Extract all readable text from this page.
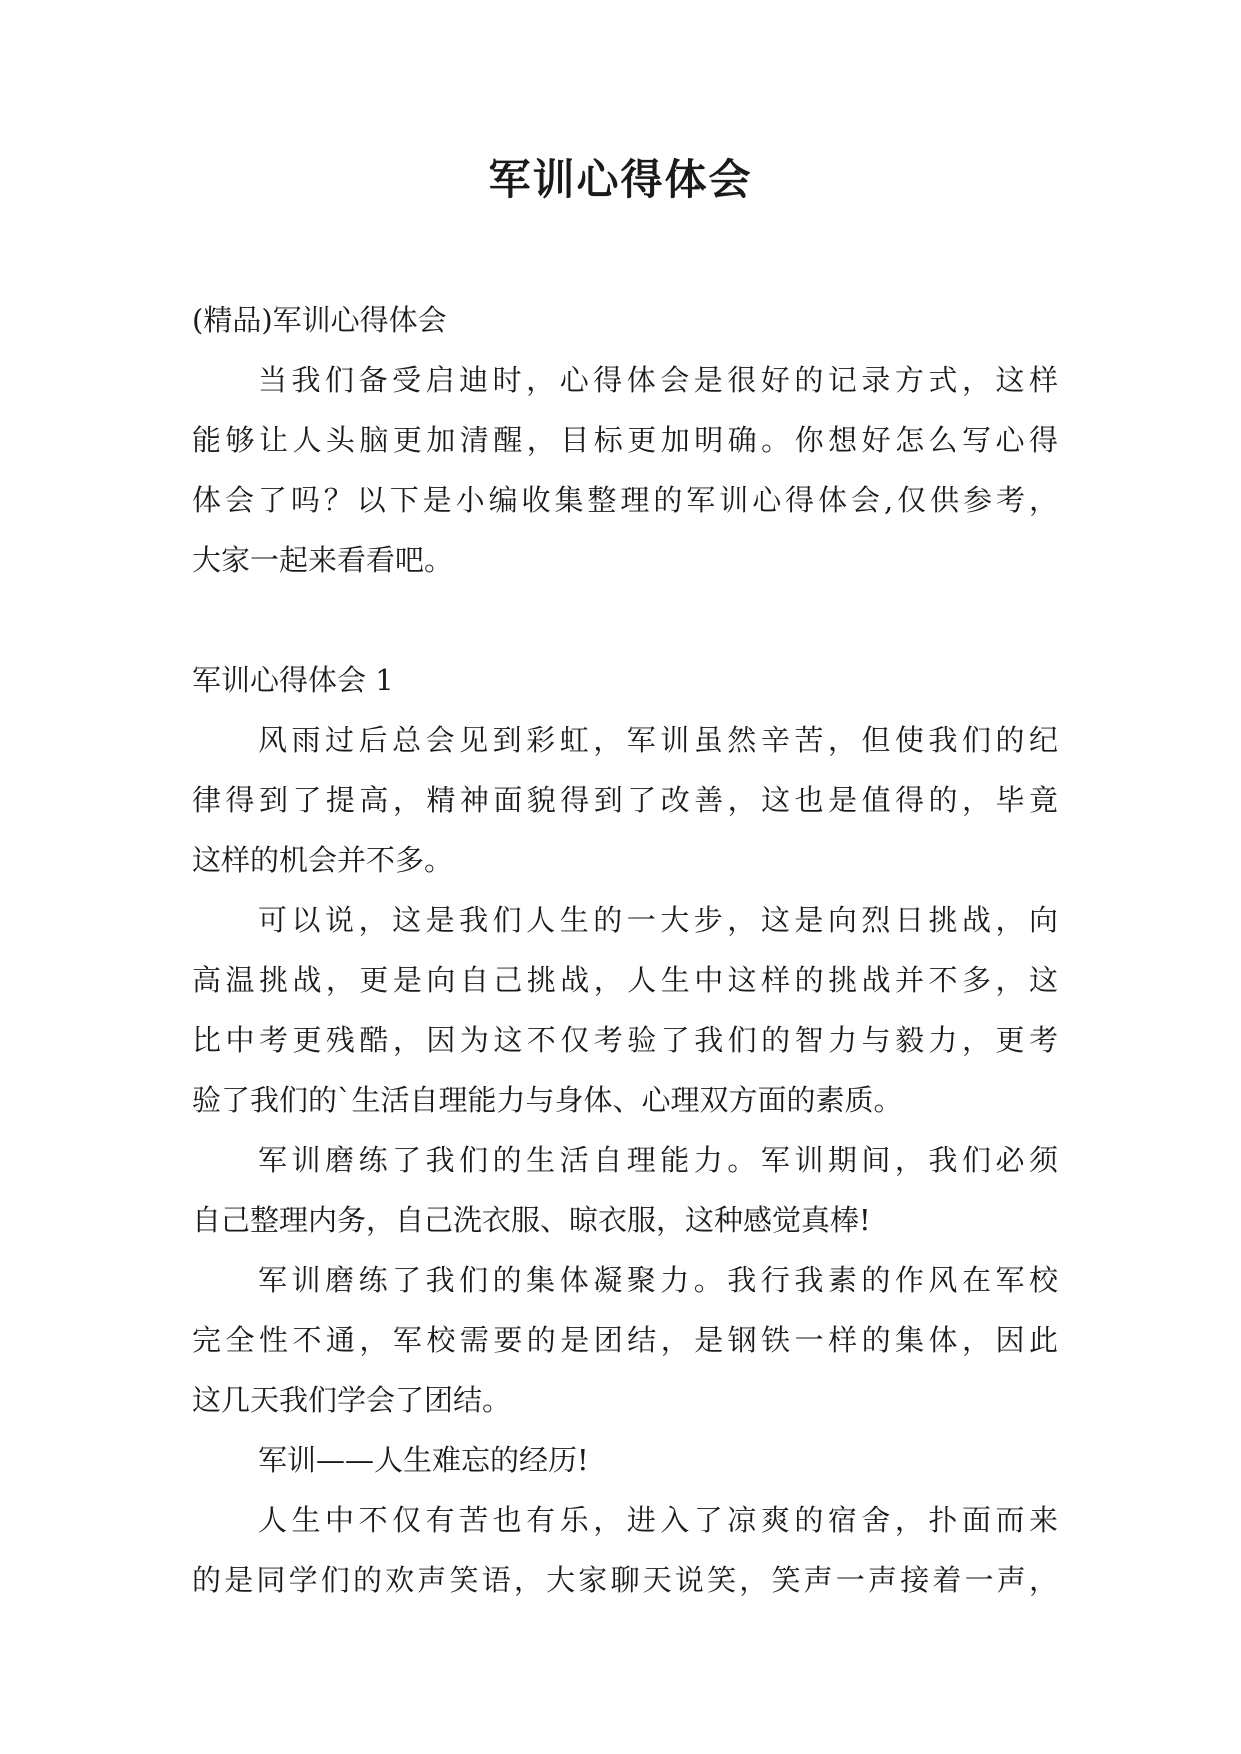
军训心得体会

(精品)军训心得体会

当我们备受启迪时，心得体会是很好的记录方式，这样

能够让人头脑更加清醒，目标更加明确。你想好怎么写心得

体会了吗？以下是小编收集整理的军训心得体会,仅供参考，

大家一起来看看吧。

军训心得体会 1

风雨过后总会见到彩虹，军训虽然辛苦，但使我们的纪

律得到了提高，精神面貌得到了改善，这也是值得的，毕竟

这样的机会并不多。

可以说，这是我们人生的一大步，这是向烈日挑战，向

高温挑战，更是向自己挑战，人生中这样的挑战并不多，这

比中考更残酷，因为这不仅考验了我们的智力与毅力，更考

验了我们的`生活自理能力与身体、心理双方面的素质。

军训磨练了我们的生活自理能力。军训期间，我们必须

自己整理内务，自己洗衣服、晾衣服，这种感觉真棒!

军训磨练了我们的集体凝聚力。我行我素的作风在军校

完全性不通，军校需要的是团结，是钢铁一样的集体，因此

这几天我们学会了团结。

军训——人生难忘的经历!

人生中不仅有苦也有乐，进入了凉爽的宿舍，扑面而来

的是同学们的欢声笑语，大家聊天说笑，笑声一声接着一声，
